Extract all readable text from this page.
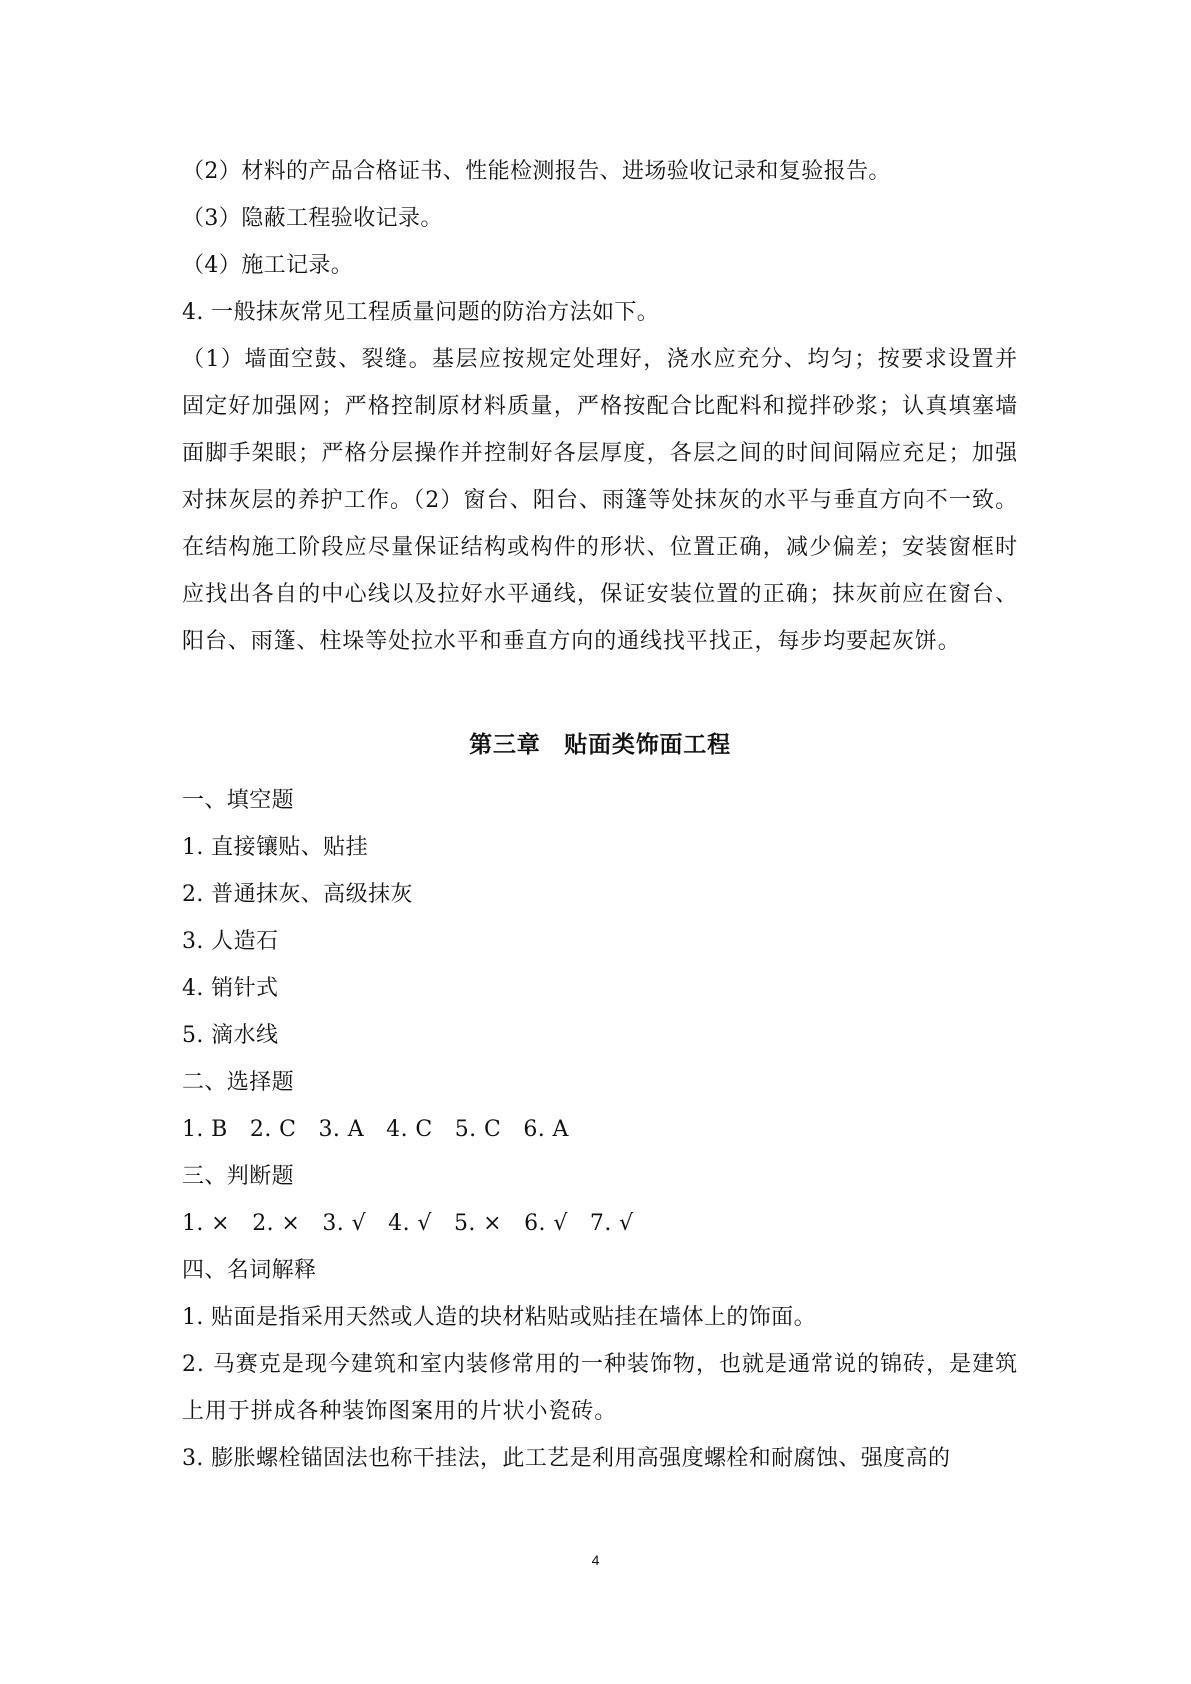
（2）材料的产品合格证书、性能检测报告、进场验收记录和复验报告。
（3）隐蔽工程验收记录。
（4）施工记录。
4. 一般抹灰常见工程质量问题的防治方法如下。

（1）墙面空鼓、裂缝。基层应按规定处理好，浇水应充分、均匀；按要求设置并固定好加强网；严格控制原材料质量，严格按配合比配料和搅拌砂浆；认真填塞墙面脚手架眼；严格分层操作并控制好各层厚度，各层之间的时间间隔应充足；加强对抹灰层的养护工作。（2）窗台、阳台、雨篷等处抹灰的水平与垂直方向不一致。在结构施工阶段应尽量保证结构或构件的形状、位置正确，减少偏差；安装窗框时应找出各自的中心线以及拉好水平通线，保证安装位置的正确；抹灰前应在窗台、阳台、雨篷、柱垛等处拉水平和垂直方向的通线找平找正，每步均要起灰饼。

第三章　贴面类饰面工程
一、填空题
1. 直接镶贴、贴挂
2. 普通抹灰、高级抹灰
3. 人造石
4. 销针式
5. 滴水线
二、选择题
1. B   2. C   3. A   4. C   5. C   6. A
三、判断题
1. ×   2. ×   3. √   4. √   5. ×   6. √   7. √
四、名词解释
1. 贴面是指采用天然或人造的块材粘贴或贴挂在墙体上的饰面。

2. 马赛克是现今建筑和室内装修常用的一种装饰物，也就是通常说的锦砖，是建筑上用于拼成各种装饰图案用的片状小瓷砖。

3. 膨胀螺栓锚固法也称干挂法，此工艺是利用高强度螺栓和耐腐蚀、强度高的
4
